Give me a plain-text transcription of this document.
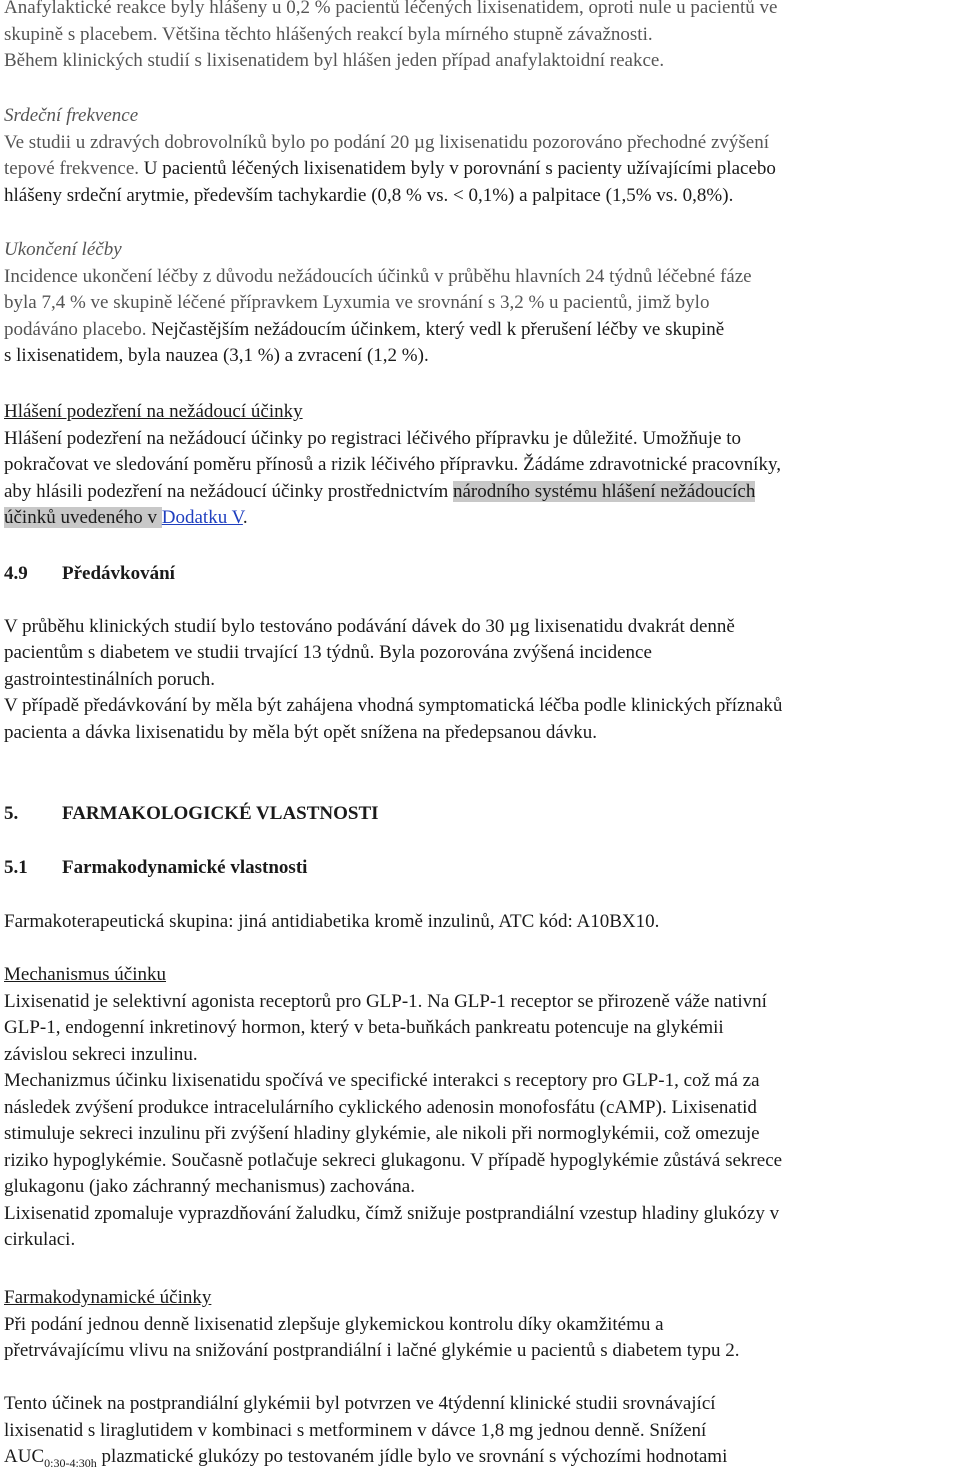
Anafylaktické reakce byly hlášeny u 0,2 % pacientů léčených lixisenatidem, oproti nule u pacientů ve
skupině s placebem. Většina těchto hlášených reakcí byla mírného stupně závažnosti.
Během klinických studií s lixisenatidem byl hlášen jeden případ anafylaktoidní reakce.
Srdeční frekvence
Ve studii u zdravých dobrovolníků bylo po podání 20 µg lixisenatidu pozorováno přechodné zvýšení
tepové frekvence. U pacientů léčených lixisenatidem byly v porovnání s pacienty užívajícími placebo
hlášeny srdeční arytmie, především tachykardie (0,8 % vs. < 0,1%) a palpitace (1,5% vs. 0,8%).
Ukončení léčby
Incidence ukončení léčby z důvodu nežádoucích účinků v průběhu hlavních 24 týdnů léčebné fáze
byla 7,4 % ve skupině léčené přípravkem Lyxumia ve srovnání s 3,2 % u pacientů, jimž bylo
podáváno placebo. Nejčastějším nežádoucím účinkem, který vedl k přerušení léčby ve skupině
s lixisenatidem, byla nauzea (3,1 %) a zvracení (1,2 %).
Hlášení podezření na nežádoucí účinky
Hlášení podezření na nežádoucí účinky po registraci léčivého přípravku je důležité. Umožňuje to
pokračovat ve sledování poměru přínosů a rizik léčivého přípravku. Žádáme zdravotnické pracovníky,
aby hlásili podezření na nežádoucí účinky prostřednictvím národního systému hlášení nežádoucích
účinků uvedeného v Dodatku V.
4.9 Předávkování
V průběhu klinických studií bylo testováno podávání dávek do 30 µg lixisenatidu dvakrát denně
pacientům s diabetem ve studii trvající 13 týdnů. Byla pozorována zvýšená incidence
gastrointestinálních poruch.
V případě předávkování by měla být zahájena vhodná symptomatická léčba podle klinických příznaků
pacienta a dávka lixisenatidu by měla být opět snížena na předepsanou dávku.
5. FARMAKOLOGICKÉ VLASTNOSTI
5.1 Farmakodynamické vlastnosti
Farmakoterapeutická skupina: jiná antidiabetika kromě inzulinů, ATC kód: A10BX10.
Mechanismus účinku
Lixisenatid je selektivní agonista receptorů pro GLP-1. Na GLP-1 receptor se přirozeně váže nativní
GLP-1, endogenní inkretinový hormon, který v beta-buňkách pankreatu potencuje na glykémii
závislou sekreci inzulinu.
Mechanizmus účinku lixisenatidu spočívá ve specifické interakci s receptory pro GLP-1, což má za
následek zvýšení produkce intracelulárního cyklického adenosin monofosfátu (cAMP). Lixisenatid
stimuluje sekreci inzulinu při zvýšení hladiny glykémie, ale nikoli při normoglykémii, což omezuje
riziko hypoglykémie. Současně potlačuje sekreci glukagonu. V případě hypoglykémie zůstává sekrece
glukagonu (jako záchranný mechanismus) zachována.
Lixisenatid zpomaluje vyprazdňování žaludku, čímž snižuje postprandiální vzestup hladiny glukózy v
cirkulaci.
Farmakodynamické účinky
Při podání jednou denně lixisenatid zlepšuje glykemickou kontrolu díky okamžitému a
přetrvávajícímu vlivu na snižování postprandiální i lačné glykémie u pacientů s diabetem typu 2.
Tento účinek na postprandiální glykémii byl potvrzen ve 4týdenní klinické studii srovnávající
lixisenatid s liraglutidem v kombinaci s metforminem v dávce 1,8 mg jednou denně. Snížení
$AUC_{0:30-4:30h}$ plazmatické glukózy po testovaném jídle bylo ve srovnání s výchozími hodnotami
